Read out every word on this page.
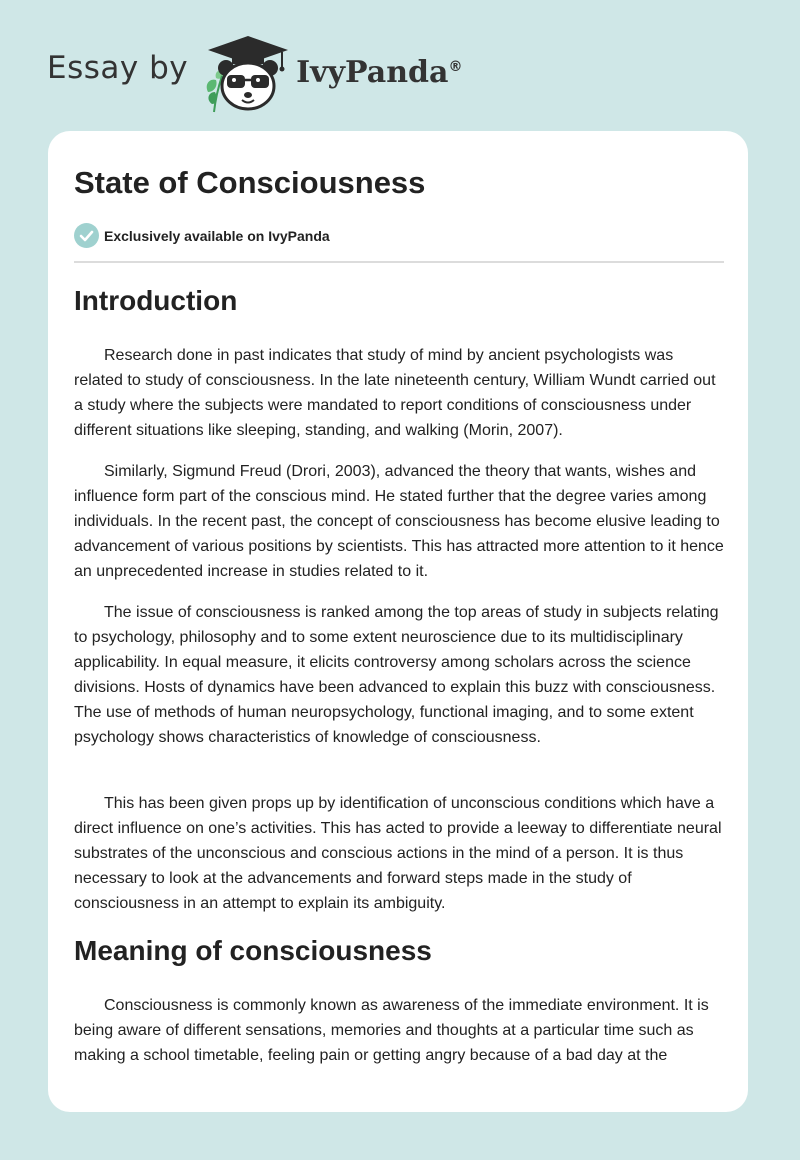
Essay by	IvyPanda®
State of Consciousness
Exclusively available on IvyPanda
Introduction

Research done in past indicates that study of mind by ancient psychologists was related to study of consciousness. In the late nineteenth century, William Wundt carried out a study where the subjects were mandated to report conditions of consciousness under different situations like sleeping, standing, and walking (Morin, 2007).

Similarly, Sigmund Freud (Drori, 2003), advanced the theory that wants, wishes and influence form part of the conscious mind. He stated further that the degree varies among individuals. In the recent past, the concept of consciousness has become elusive leading to advancement of various positions by scientists. This has attracted more attention to it hence an unprecedented increase in studies related to it.

The issue of consciousness is ranked among the top areas of study in subjects relating to psychology, philosophy and to some extent neuroscience due to its multidisciplinary applicability. In equal measure, it elicits controversy among scholars across the science divisions. Hosts of dynamics have been advanced to explain this buzz with consciousness. The use of methods of human neuropsychology, functional imaging, and to some extent psychology shows characteristics of knowledge of consciousness.

This has been given props up by identification of unconscious conditions which have a direct influence on one’s activities. This has acted to provide a leeway to differentiate neural substrates of the unconscious and conscious actions in the mind of a person. It is thus necessary to look at the advancements and forward steps made in the study of consciousness in an attempt to explain its ambiguity.

Meaning of consciousness

Consciousness is commonly known as awareness of the immediate environment. It is being aware of different sensations, memories and thoughts at a particular time such as making a school timetable, feeling pain or getting angry because of a bad day at the
